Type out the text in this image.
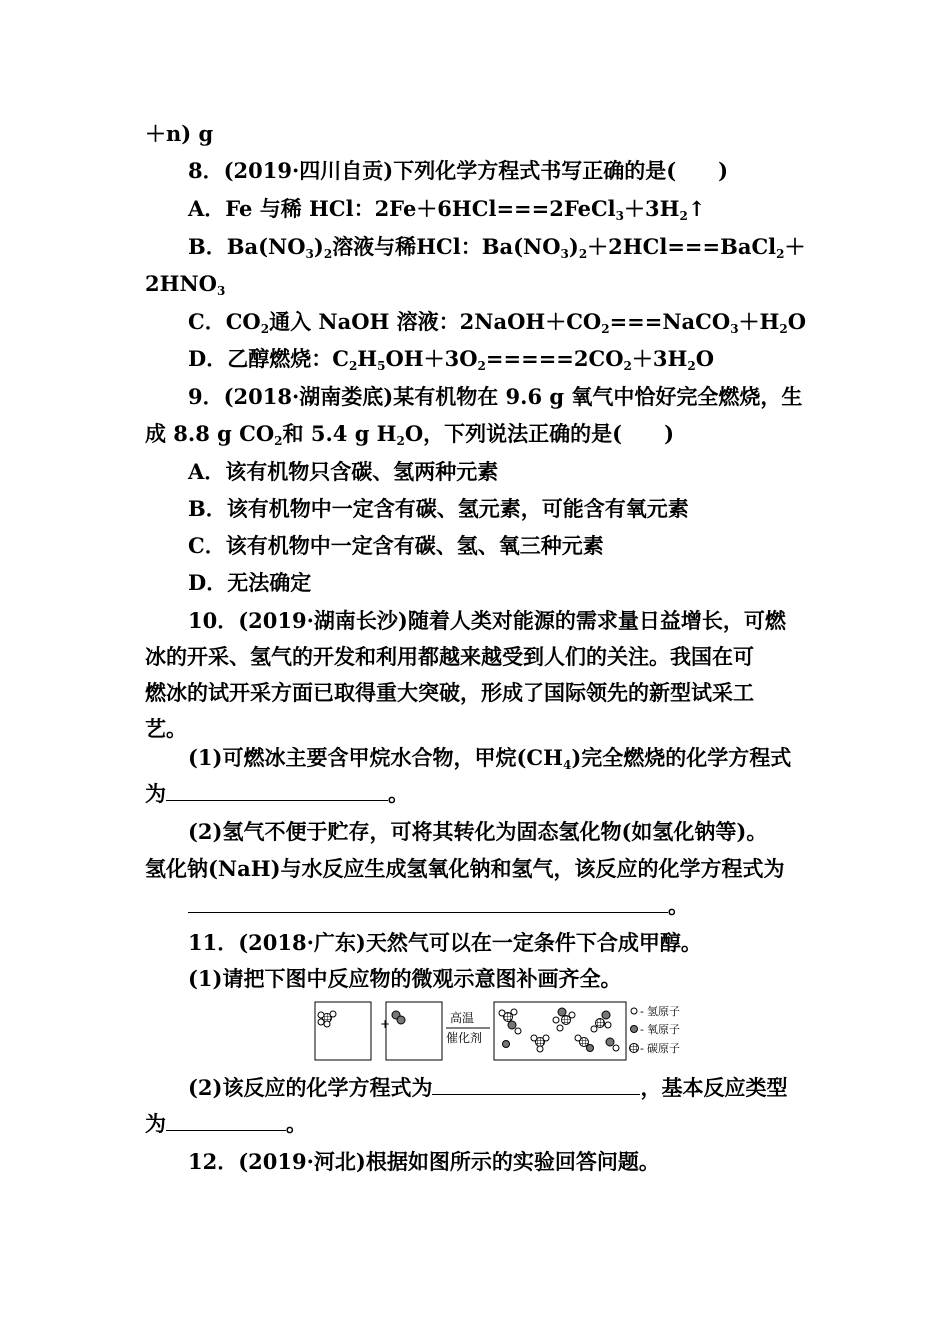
＋n) g
8．(2019·四川自贡)下列化学方程式书写正确的是(　　)
A．Fe 与稀 HCl：$2Fe+6HCl===2FeCl_3+3H_2↑$
B． $Ba(NO_3)_2$ 溶液与稀 HCl： $Ba(NO_3)_2$ ＋2HCl===BaCl$_2$ ＋
$2HNO_3$
C．$CO_2$通入 NaOH 溶液：$2NaOH+CO_2===NaCO_3+H_2O$
D．乙醇燃烧：$C_2H_5OH+3O_2=====2CO_2+3H_2O$
9．(2018·湖南娄底)某有机物在 9.6 g 氧气中恰好完全燃烧，生
成 8.8 g $CO_2$和 5.4 g $H_2O$，下列说法正确的是(　　)
A．该有机物只含碳、氢两种元素
B．该有机物中一定含有碳、氢元素，可能含有氧元素
C．该有机物中一定含有碳、氢、氧三种元素
D．无法确定
10．(2019·湖南长沙)随着人类对能源的需求量日益增长，可燃
冰的开采、氢气的开发和利用都越来越受到人们的关注。我国在可
燃冰的试开采方面已取得重大突破，形成了国际领先的新型试采工
艺。
(1)可燃冰主要含甲烷水合物，甲烷$(CH_4)$完全燃烧的化学方程式
为	。
(2)氢气不便于贮存，可将其转化为固态氢化物(如氢化钠等)。
氢化钠(NaH)与水反应生成氢氧化钠和氢气，该反应的化学方程式为
。
11．(2018·广东)天然气可以在一定条件下合成甲醇。
(1)请把下图中反应物的微观示意图补画齐全。
+	高温
催化剂
- 氢原子
- 氧原子
- 碳原子
(2)该反应的化学方程式为	，基本反应类型
为	。
12．(2019·河北)根据如图所示的实验回答问题。
